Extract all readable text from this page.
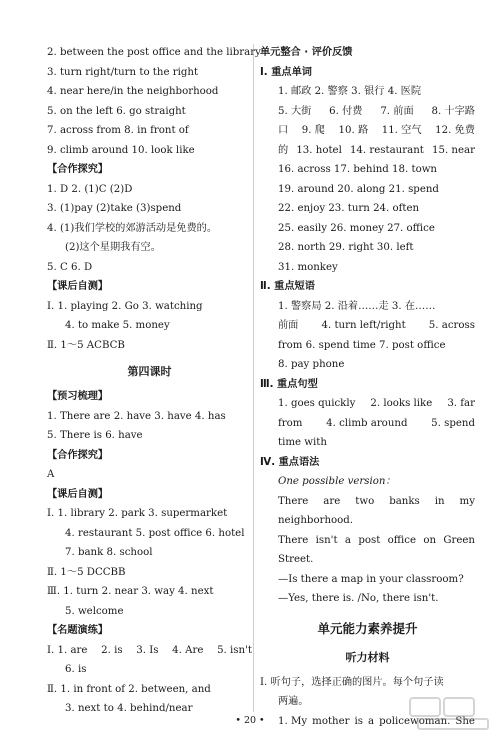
2. between the post office and the library
3. turn right/turn to the right
4. near here/in the neighborhood
5. on the left 6. go straight
7. across from 8. in front of
9. climb around 10. look like
【合作探究】
1. D 2. (1)C (2)D
3. (1)pay (2)take (3)spend
4. (1)我们学校的郊游活动是免费的。
(2)这个星期我有空。
5. C 6. D
【课后自测】
Ⅰ. 1. playing 2. Go 3. watching
4. to make 5. money
Ⅱ. 1～5 ACBCB
第四课时
【预习梳理】
1. There are 2. have 3. have 4. has
5. There is 6. have
【合作探究】
A
【课后自测】
Ⅰ. 1. library 2. park 3. supermarket
4. restaurant 5. post office 6. hotel
7. bank 8. school
Ⅱ. 1～5 DCCBB
Ⅲ. 1. turn 2. near 3. way 4. next
5. welcome
【名题演练】
Ⅰ. 1. are 2. is 3. Is 4. Are 5. isn't
6. is
Ⅱ. 1. in front of 2. between, and
3. next to 4. behind/near
单元整合 · 评价反馈
Ⅰ. 重点单词
1. 邮政 2. 警察 3. 银行 4. 医院
5. 大街 6. 付费 7. 前面 8. 十字路
口 9. 爬 10. 路 11. 空气 12. 免费
的 13. hotel 14. restaurant 15. near
16. across 17. behind 18. town
19. around 20. along 21. spend
22. enjoy 23. turn 24. often
25. easily 26. money 27. office
28. north 29. right 30. left
31. monkey
Ⅱ. 重点短语
1. 警察局 2. 沿着……走 3. 在……
前面 4. turn left/right 5. across
from 6. spend time 7. post office
8. pay phone
Ⅲ. 重点句型
1. goes quickly 2. looks like 3. far
from 4. climb around 5. spend
time with
Ⅳ. 重点语法
One possible version：
There are two banks in my
neighborhood.
There isn't a post office on Green
Street.
—Is there a map in your classroom?
—Yes, there is. /No, there isn't.
单元能力素养提升
听力材料
Ⅰ. 听句子，选择正确的图片。每个句子读
两遍。
1. My mother is a policewoman. She
• 20 •
